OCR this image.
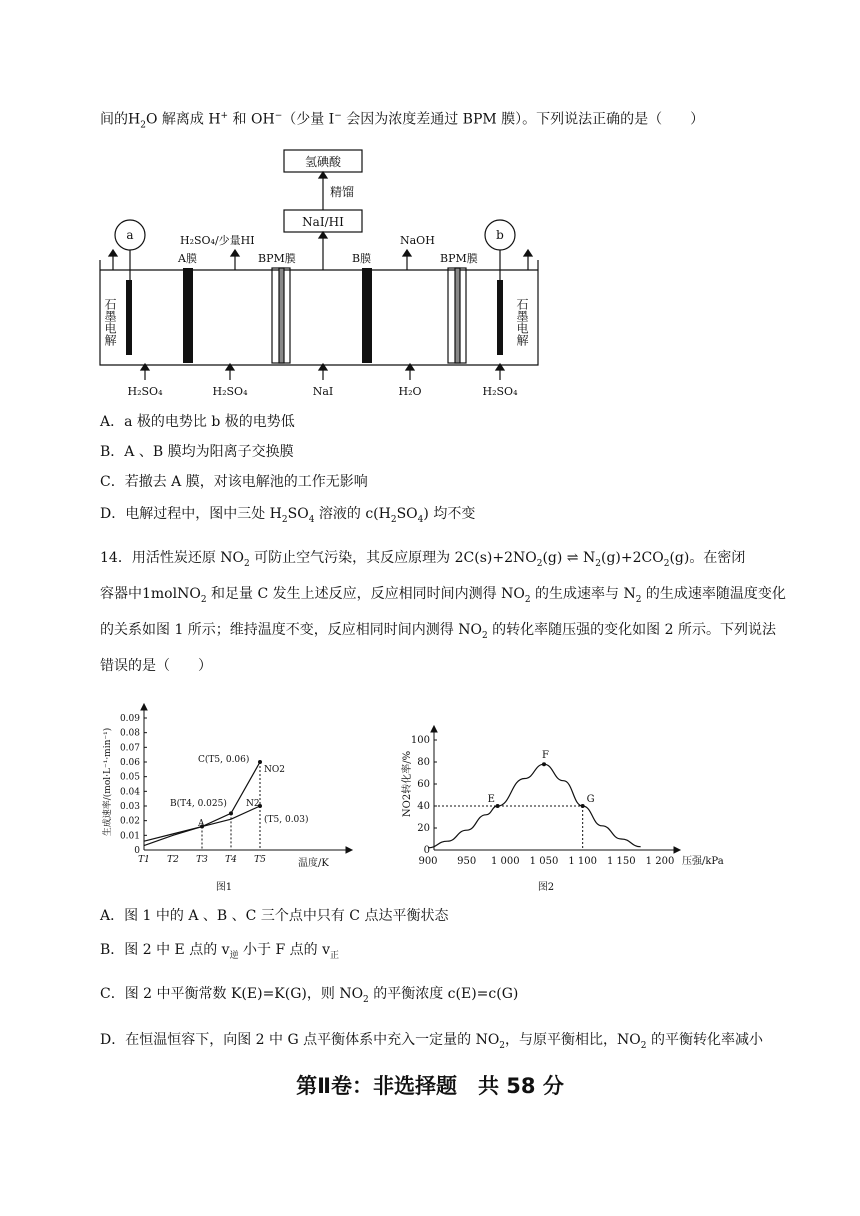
间的$H_2O$ 解离成 H+ 和 OH−（少量 I− 会因为浓度差通过 BPM 膜）。下列说法正确的是（　　）
氢碘酸
精馏
NaI/HI
a	b
H₂SO₄/少量HI
A膜	BPM膜
NaOH
B膜	BPM膜
石墨电解	石墨电解
H₂SO₄	H₂SO₄	NaI	H₂O	H₂SO₄
A．a 极的电势比 b 极的电势低
B．A 、B 膜均为阳离子交换膜
C．若撤去 A 膜，对该电解池的工作无影响
D．电解过程中，图中三处 $H_2SO_4$ 溶液的 $c(H_2SO_4)$ 均不变
14．用活性炭还原 $NO_2$ 可防止空气污染，其反应原理为 $2C(s)+2NO_2(g)$ ⇌ $N_2(g)+2CO_2(g)$。在密闭
容器中1molNO$_2$ 和足量 C 发生上述反应，反应相同时间内测得 $NO_2$ 的生成速率与 $N_2$ 的生成速率随温度变化
的关系如图 1 所示；维持温度不变，反应相同时间内测得 $NO_2$ 的转化率随压强的变化如图 2 所示。下列说法
错误的是（　　）
0
0.01
0.02
0.03
0.04
0.05
0.06
0.07
0.08
0.09
T1 T2 T3 T4 T5
生成速率/(mol·L⁻¹·min⁻¹)
温度/K
图1
A
B(T4, 0.025)
C(T5, 0.06)
(T5, 0.03)
NO2
N2
0
20
40
60
80
100
900 950 1 000 1 050 1 100 1 150 1 200
E
F
G
NO2转化率/%
压强/kPa
图2
A．图 1 中的 A 、B 、C 三个点中只有 C 点达平衡状态
B．图 2 中 E 点的 $v_逆$ 小于 F 点的 $v_正$
C．图 2 中平衡常数 K(E)=K(G)，则 $NO_2$ 的平衡浓度 c(E)=c(G)
D．在恒温恒容下，向图 2 中 G 点平衡体系中充入一定量的 $NO_2$，与原平衡相比，$NO_2$ 的平衡转化率减小
第Ⅱ卷：非选择题　共 58 分
